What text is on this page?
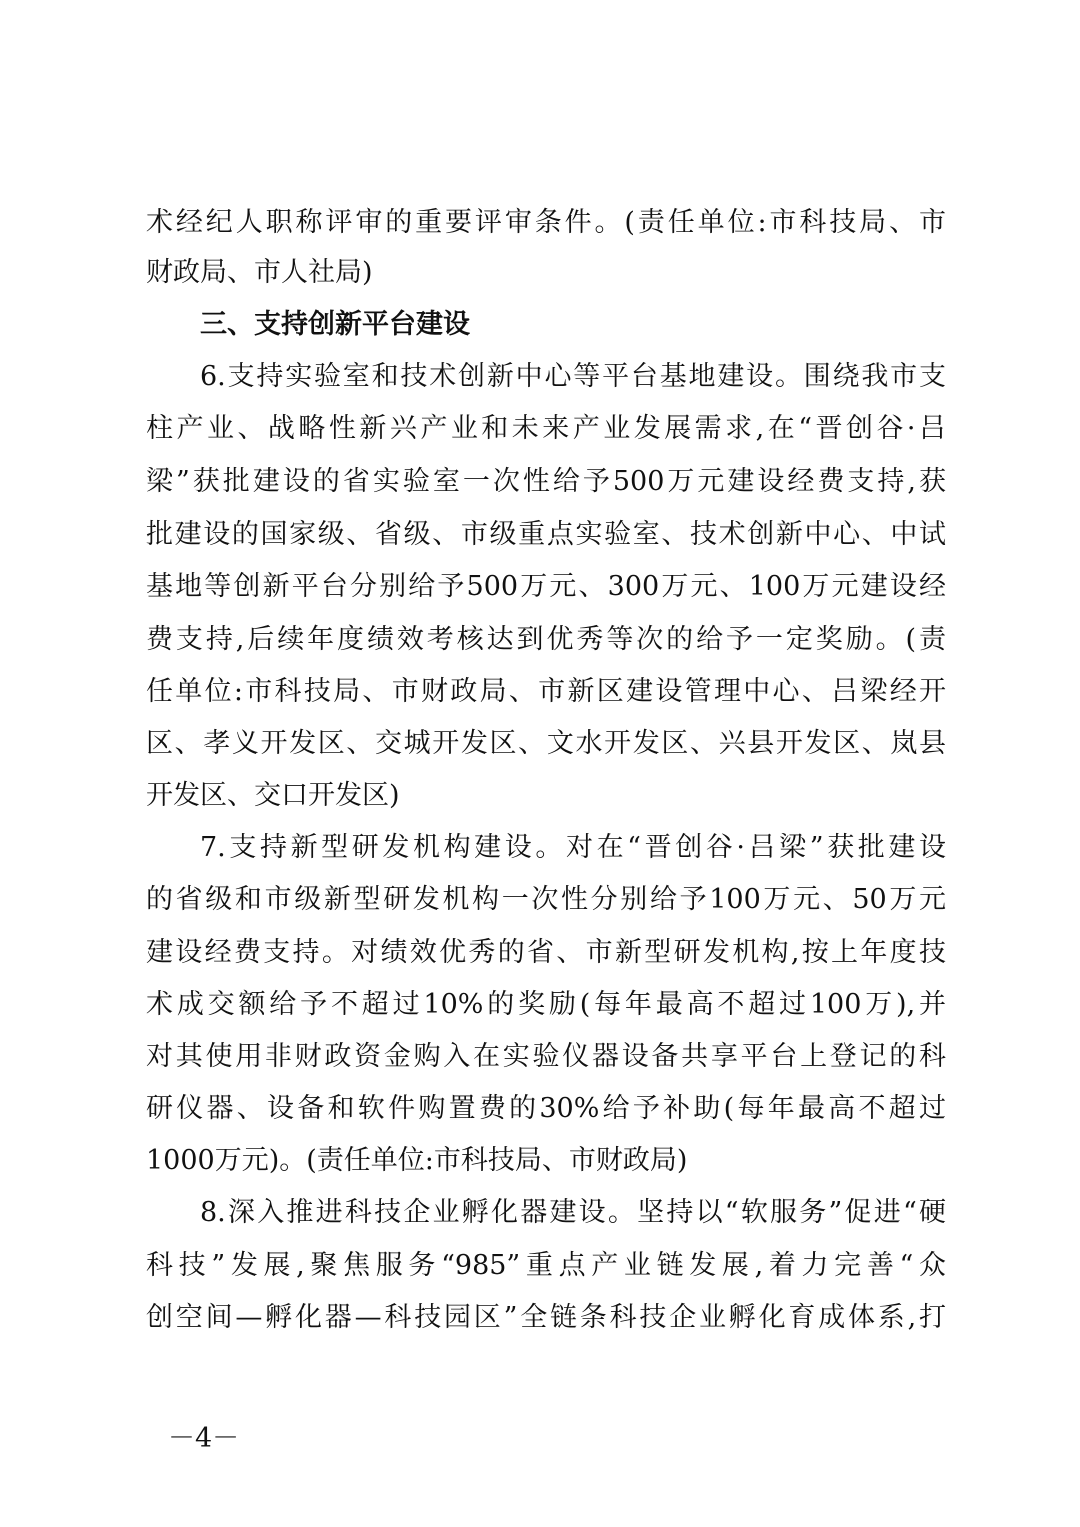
术经纪人职称评审的重要评审条件。(责任单位:市科技局、市
财政局、市人社局)
三、支持创新平台建设
6.支持实验室和技术创新中心等平台基地建设。围绕我市支
柱产业、战略性新兴产业和未来产业发展需求,在“晋创谷·吕
梁”获批建设的省实验室一次性给予500万元建设经费支持,获
批建设的国家级、省级、市级重点实验室、技术创新中心、中试
基地等创新平台分别给予500万元、300万元、100万元建设经
费支持,后续年度绩效考核达到优秀等次的给予一定奖励。(责
任单位:市科技局、市财政局、市新区建设管理中心、吕梁经开
区、孝义开发区、交城开发区、文水开发区、兴县开发区、岚县
开发区、交口开发区)
7.支持新型研发机构建设。对在“晋创谷·吕梁”获批建设
的省级和市级新型研发机构一次性分别给予100万元、50万元
建设经费支持。对绩效优秀的省、市新型研发机构,按上年度技
术成交额给予不超过10%的奖励(每年最高不超过100万),并
对其使用非财政资金购入在实验仪器设备共享平台上登记的科
研仪器、设备和软件购置费的30%给予补助(每年最高不超过
1000万元)。(责任单位:市科技局、市财政局)
8.深入推进科技企业孵化器建设。坚持以“软服务”促进“硬
科技”发展,聚焦服务“985”重点产业链发展,着力完善“众
创空间—孵化器—科技园区”全链条科技企业孵化育成体系,打
－4－
